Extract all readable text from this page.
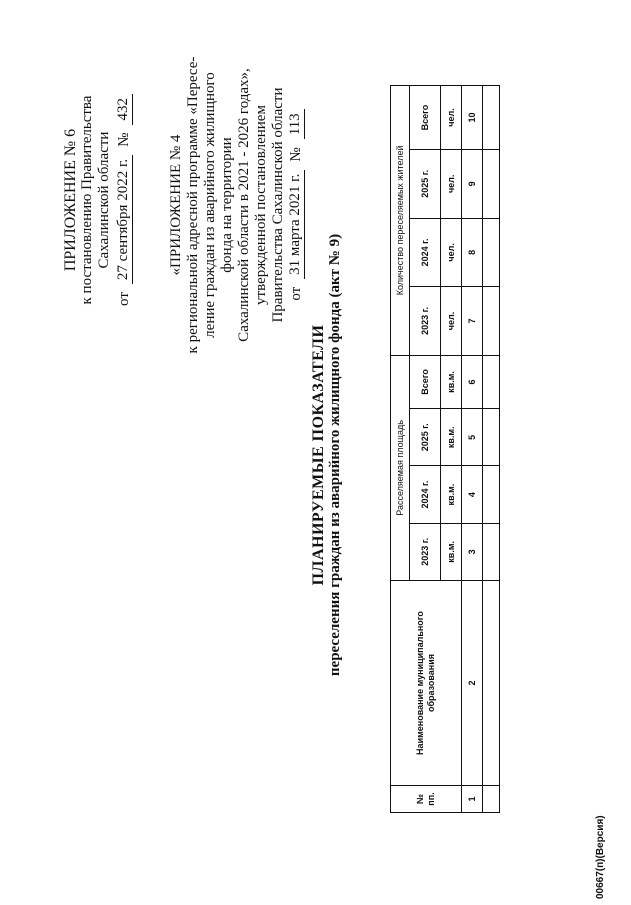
ПРИЛОЖЕНИЕ № 6 к постановлению Правительства Сахалинской области
от
27 сентября 2022 г.
№
432
«ПРИЛОЖЕНИЕ № 4 к региональной адресной программе «Пересе- ление граждан из аварийного жилищного фонда на территории Сахалинской области в 2021 - 2026 годах», утвержденной постановлением Правительства Сахалинской области от
31 марта 2021 г.
№
113
ПЛАНИРУЕМЫЕ ПОКАЗАТЕЛИ переселения граждан из аварийного жилищного фонда (акт № 9)
№ пп.	Наименование муниципального образования	Расселяемая площадь				Количество переселяемых жителей			
		2023 г.	2024 г.	2025 г.	Всего	2023 г.	2024 г.	2025 г.	Всего
		кв.м.	кв.м.	кв.м.	кв.м.	чел.	чел.	чел.	чел.
1	2	3	4	5	6	7	8	9	10

00667(п)(Версия)
